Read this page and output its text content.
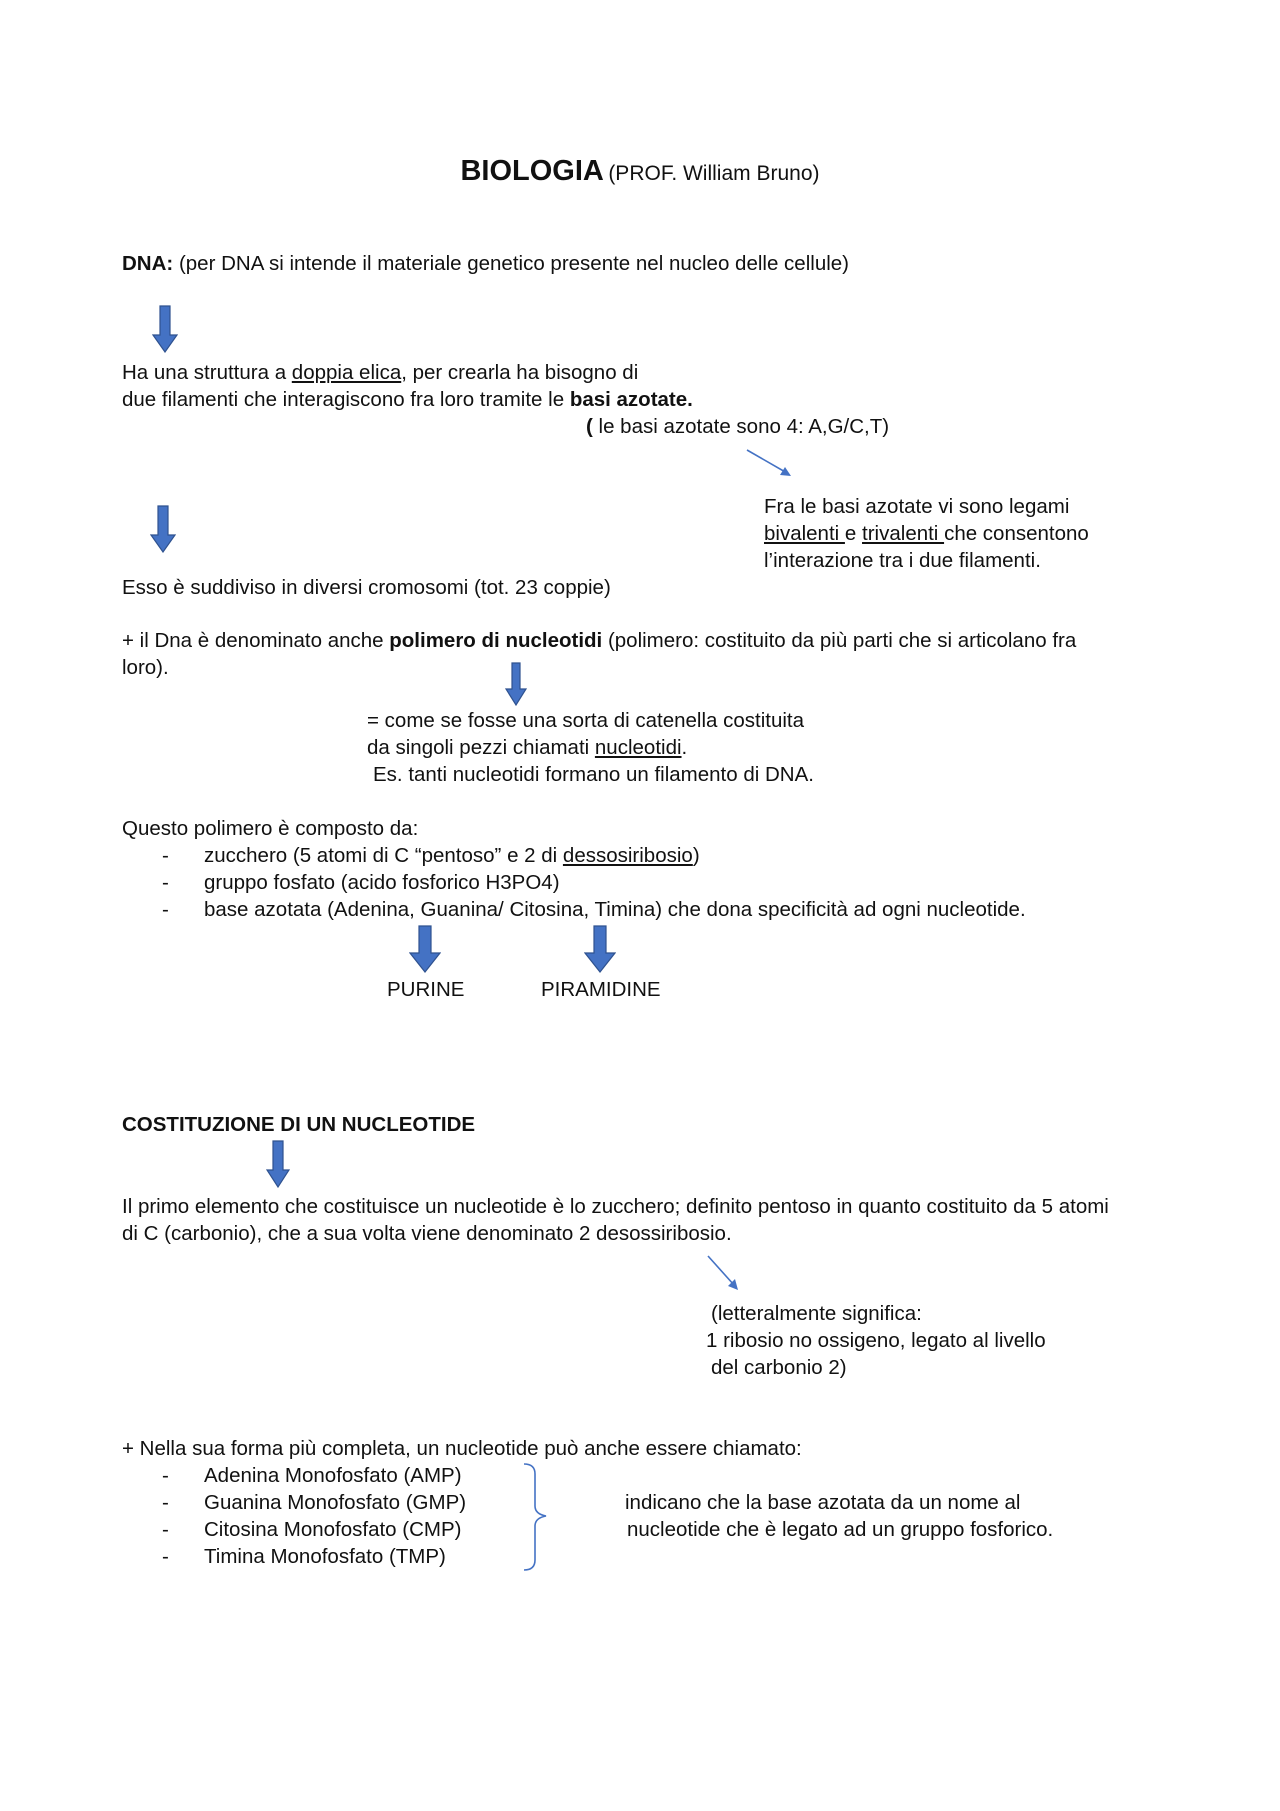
BIOLOGIA (PROF. William Bruno)
DNA: (per DNA si intende il materiale genetico presente nel nucleo delle cellule)
Ha una struttura a doppia elica, per crearla ha bisogno di
due filamenti che interagiscono fra loro tramite le basi azotate.
( le basi azotate sono 4: A,G/C,T)
Fra le basi azotate vi sono legami
bivalenti e trivalenti che consentono
l’interazione tra i due filamenti.
Esso è suddiviso in diversi cromosomi (tot. 23 coppie)
+ il Dna è denominato anche polimero di nucleotidi (polimero: costituito da più parti che si articolano fra
loro).
= come se fosse una sorta di catenella costituita
da singoli pezzi chiamati nucleotidi.
Es. tanti nucleotidi formano un filamento di DNA.
Questo polimero è composto da:
- zucchero (5 atomi di C “pentoso” e 2 di dessosiribosio)
- gruppo fosfato (acido fosforico H3PO4)
- base azotata (Adenina, Guanina/ Citosina, Timina) che dona specificità ad ogni nucleotide.
PURINE	PIRAMIDINE
COSTITUZIONE DI UN NUCLEOTIDE
Il primo elemento che costituisce un nucleotide è lo zucchero; definito pentoso in quanto costituito da 5 atomi
di C (carbonio), che a sua volta viene denominato 2 desossiribosio.
(letteralmente significa:
1 ribosio no ossigeno, legato al livello
del carbonio 2)
+ Nella sua forma più completa, un nucleotide può anche essere chiamato:
- Adenina Monofosfato (AMP)
- Guanina Monofosfato (GMP)
- Citosina Monofosfato (CMP)
- Timina Monofosfato (TMP)
indicano che la base azotata da un nome al
nucleotide che è legato ad un gruppo fosforico.
